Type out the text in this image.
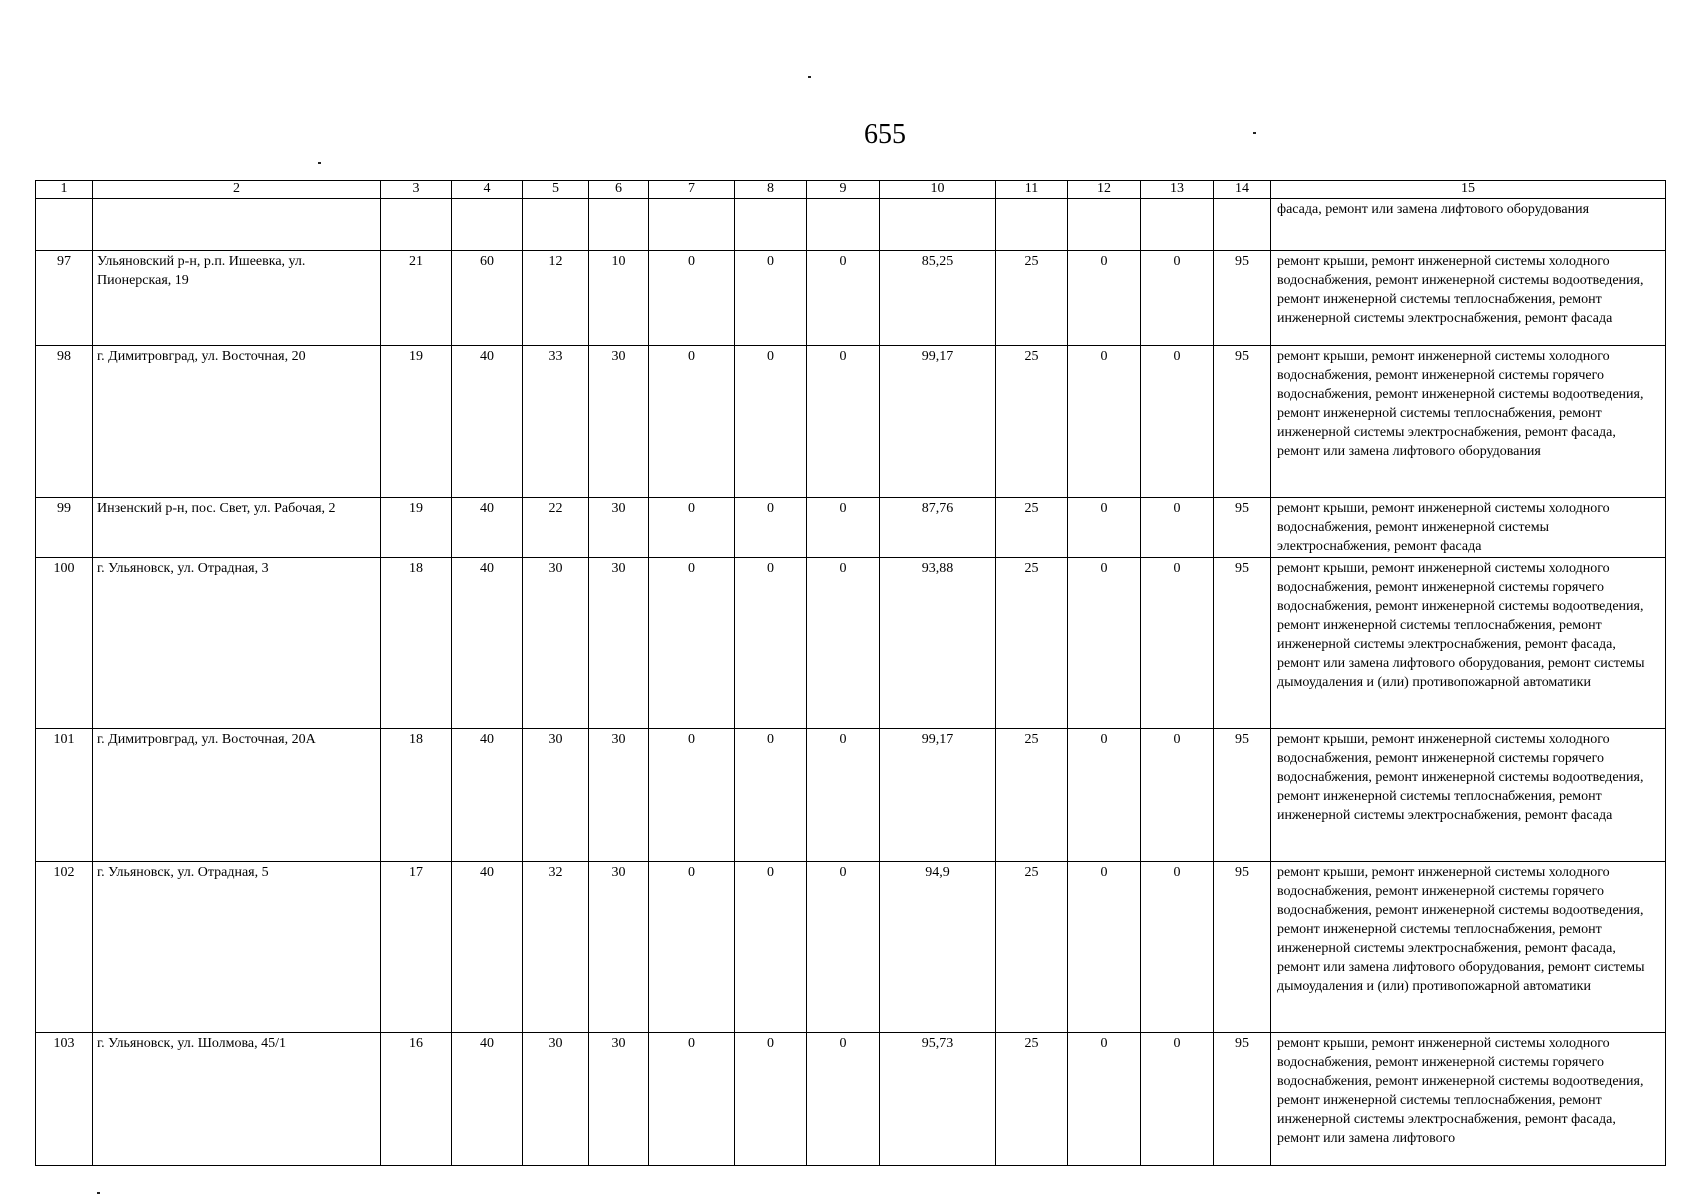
655
1	2	3	4	5	6	7	8	9	10	11	12	13	14	15
														фасада, ремонт или замена лифтового оборудования
97	Ульяновский р-н, р.п. Ишеевка, ул. Пионерская, 19	21	60	12	10	0	0	0	85,25	25	0	0	95	ремонт крыши, ремонт инженерной системы холодного водоснабжения, ремонт инженерной системы водоотведения, ремонт инженерной системы теплоснабжения, ремонт инженерной системы электроснабжения, ремонт фасада
98	г. Димитровград, ул. Восточная, 20	19	40	33	30	0	0	0	99,17	25	0	0	95	ремонт крыши, ремонт инженерной системы холодного водоснабжения, ремонт инженерной системы горячего водоснабжения, ремонт инженерной системы водоотведения, ремонт инженерной системы теплоснабжения, ремонт инженерной системы электроснабжения, ремонт фасада, ремонт или замена лифтового оборудования
99	Инзенский р-н, пос. Свет, ул. Рабочая, 2	19	40	22	30	0	0	0	87,76	25	0	0	95	ремонт крыши, ремонт инженерной системы холодного водоснабжения, ремонт инженерной системы электроснабжения, ремонт фасада
100	г. Ульяновск, ул. Отрадная, 3	18	40	30	30	0	0	0	93,88	25	0	0	95	ремонт крыши, ремонт инженерной системы холодного водоснабжения, ремонт инженерной системы горячего водоснабжения, ремонт инженерной системы водоотведения, ремонт инженерной системы теплоснабжения, ремонт инженерной системы электроснабжения, ремонт фасада, ремонт или замена лифтового оборудования, ремонт системы дымоудаления и (или) противопожарной автоматики
101	г. Димитровград, ул. Восточная, 20А	18	40	30	30	0	0	0	99,17	25	0	0	95	ремонт крыши, ремонт инженерной системы холодного водоснабжения, ремонт инженерной системы горячего водоснабжения, ремонт инженерной системы водоотведения, ремонт инженерной системы теплоснабжения, ремонт инженерной системы электроснабжения, ремонт фасада
102	г. Ульяновск, ул. Отрадная, 5	17	40	32	30	0	0	0	94,9	25	0	0	95	ремонт крыши, ремонт инженерной системы холодного водоснабжения, ремонт инженерной системы горячего водоснабжения, ремонт инженерной системы водоотведения, ремонт инженерной системы теплоснабжения, ремонт инженерной системы электроснабжения, ремонт фасада, ремонт или замена лифтового оборудования, ремонт системы дымоудаления и (или) противопожарной автоматики
103	г. Ульяновск, ул. Шолмова, 45/1	16	40	30	30	0	0	0	95,73	25	0	0	95	ремонт крыши, ремонт инженерной системы холодного водоснабжения, ремонт инженерной системы горячего водоснабжения, ремонт инженерной системы водоотведения, ремонт инженерной системы теплоснабжения, ремонт инженерной системы электроснабжения, ремонт фасада, ремонт или замена лифтового
